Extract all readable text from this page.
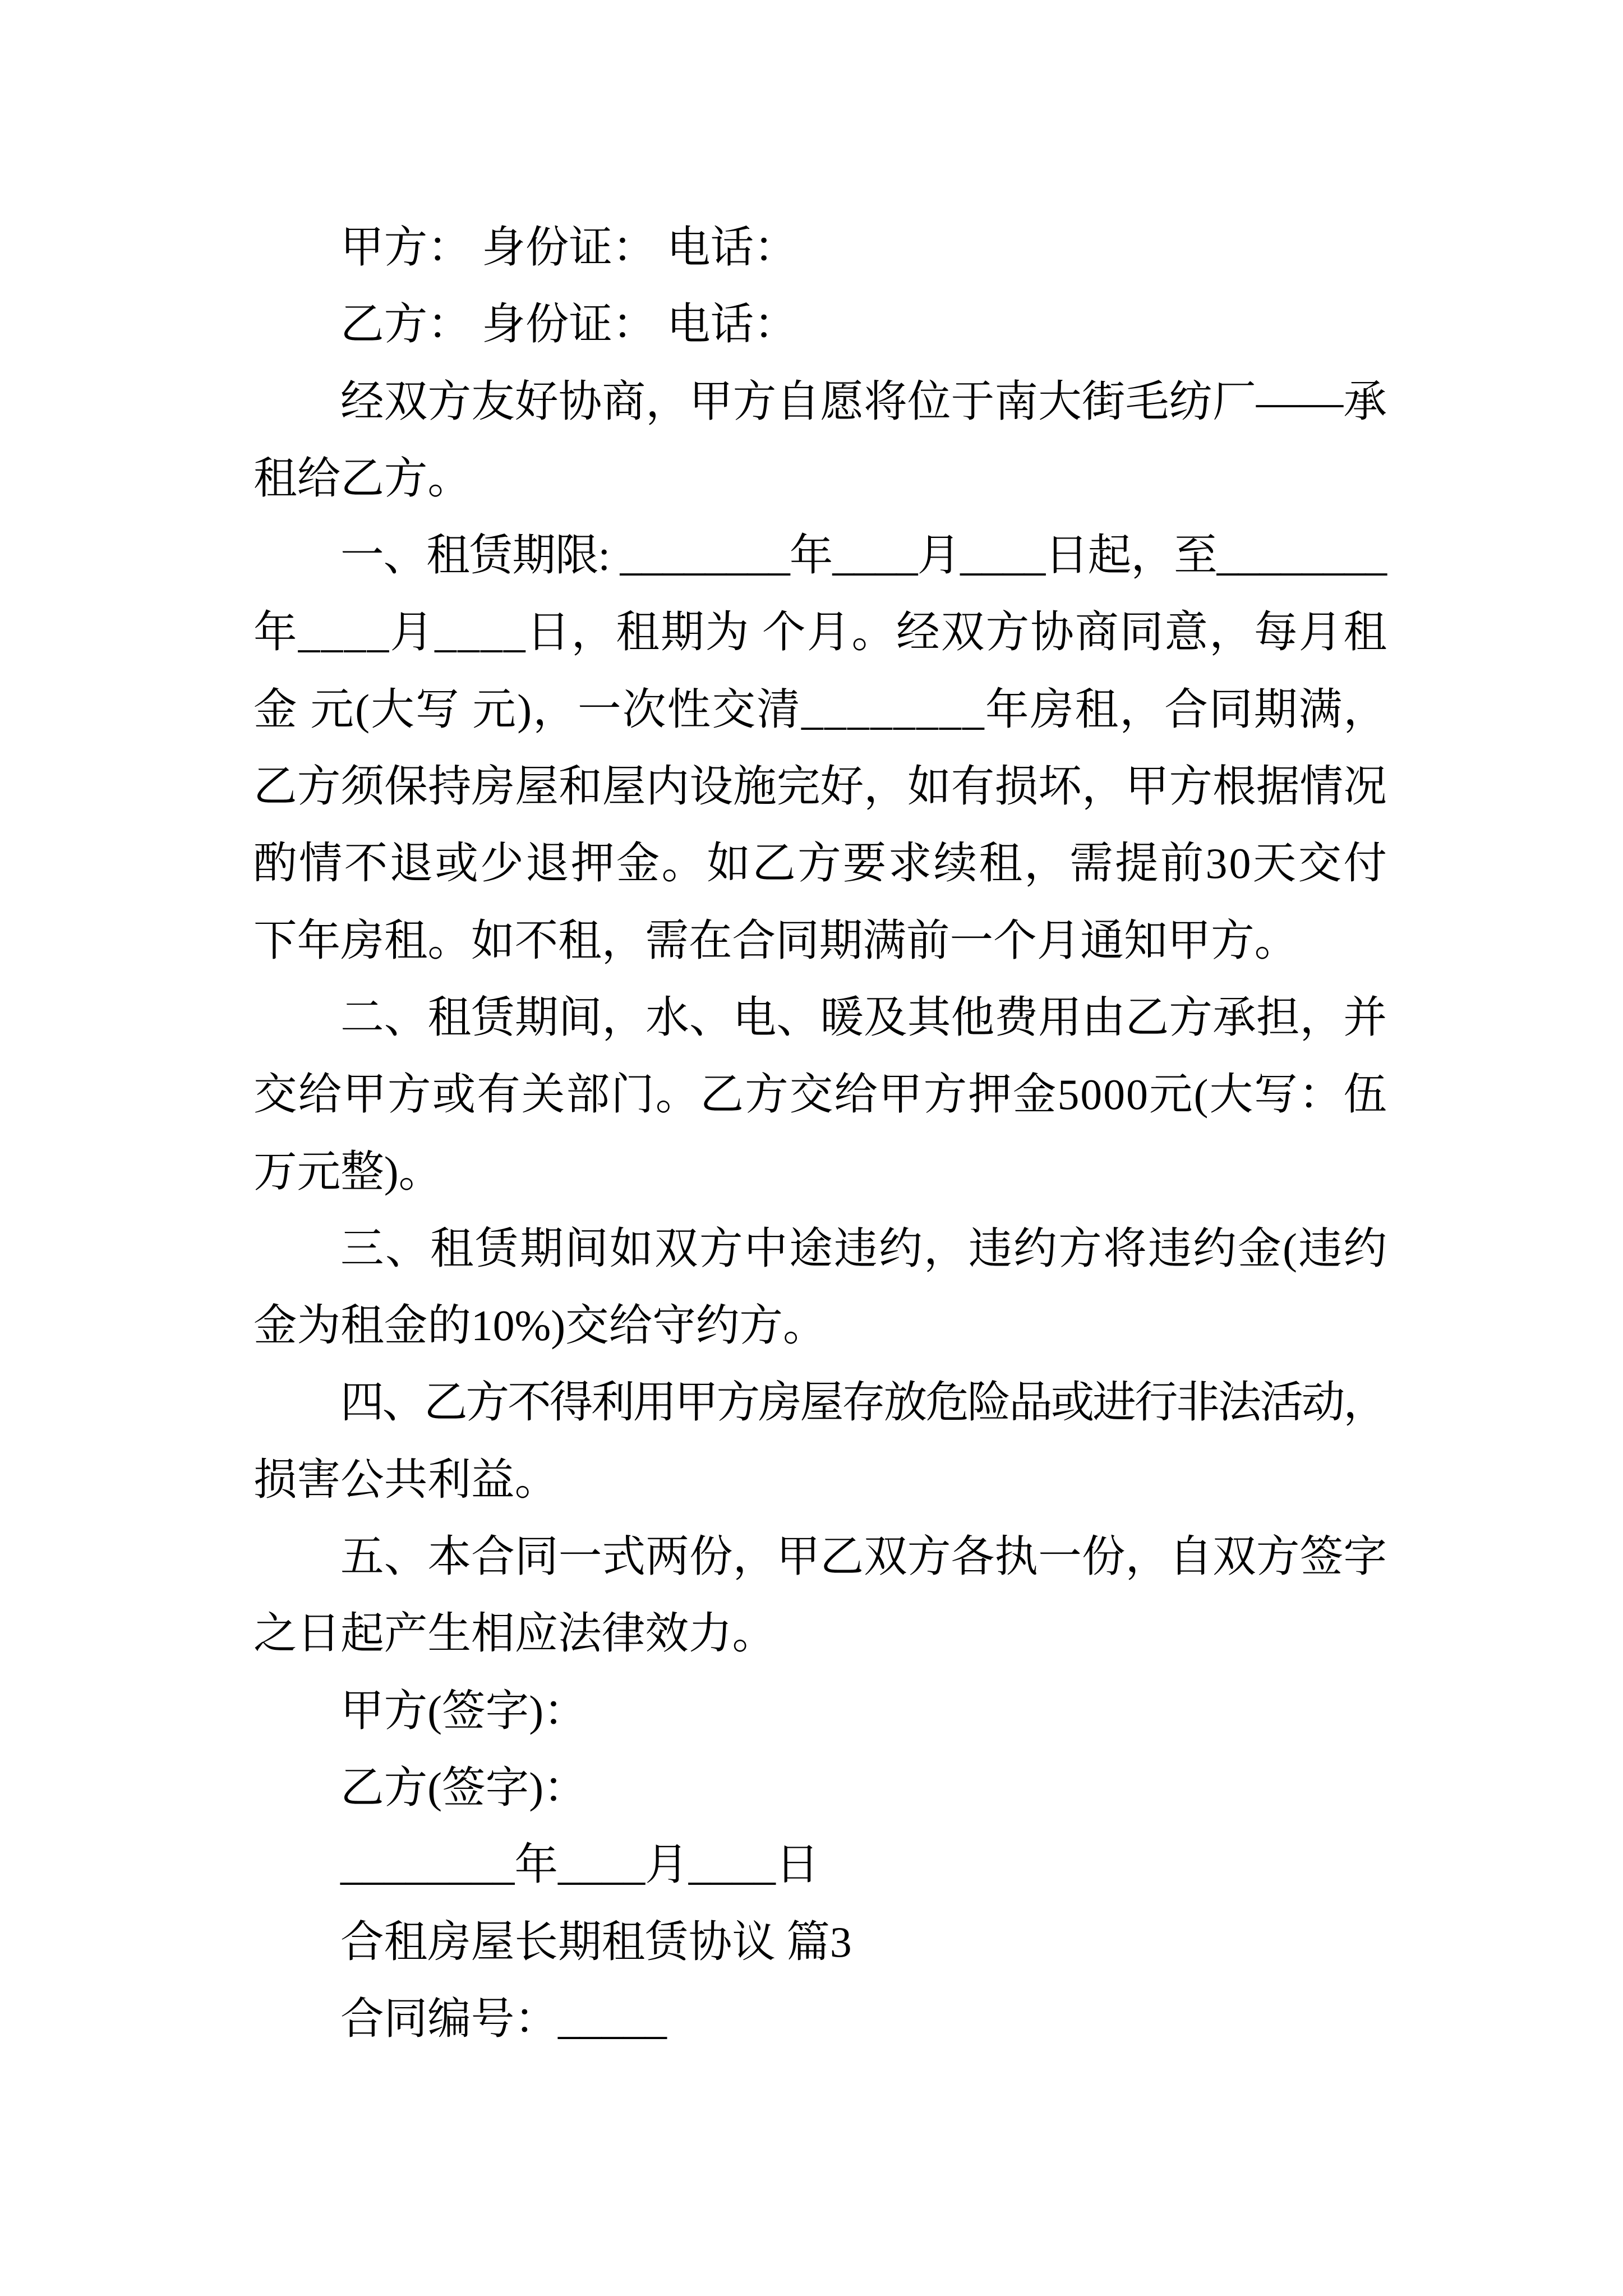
甲方： 身份证： 电话：
乙方： 身份证： 电话：
经双方友好协商，甲方自愿将位于南大街毛纺厂——承
租给乙方。
一、租赁期限: ________年____月____日起，至________
年____月____日，租期为 个月。经双方协商同意，每月租
金 元(大写 元)，一次性交清________年房租，合同期满，
乙方须保持房屋和屋内设施完好，如有损坏，甲方根据情况
酌情不退或少退押金。如乙方要求续租，需提前30天交付
下年房租。如不租，需在合同期满前一个月通知甲方。
二、租赁期间，水、电、暖及其他费用由乙方承担，并
交给甲方或有关部门。乙方交给甲方押金5000元(大写：伍
万元整)。
三、租赁期间如双方中途违约，违约方将违约金(违约
金为租金的10%)交给守约方。
四、乙方不得利用甲方房屋存放危险品或进行非法活动，
损害公共利益。
五、本合同一式两份，甲乙双方各执一份，自双方签字
之日起产生相应法律效力。
甲方(签字)：
乙方(签字)：
________年____月____日
合租房屋长期租赁协议 篇3
合同编号：_____
